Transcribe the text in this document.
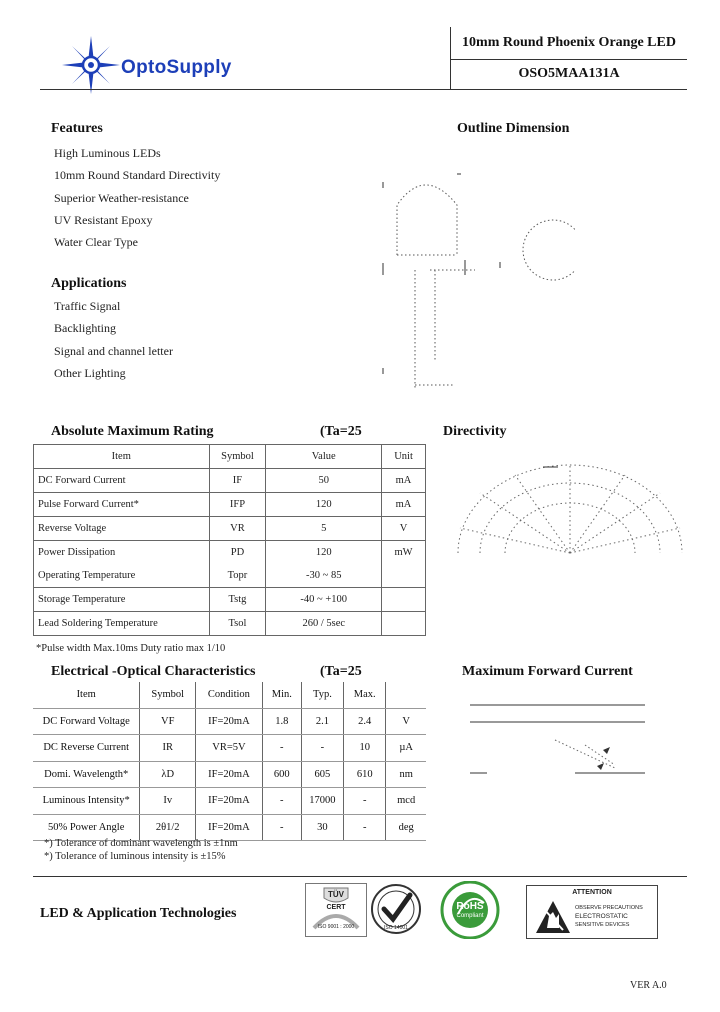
OptoSupply
10mm Round Phoenix Orange LED
OSO5MAA131A
Features
High Luminous LEDs
10mm Round Standard Directivity
Superior Weather-resistance
UV Resistant Epoxy
Water Clear Type
Applications
Traffic Signal
Backlighting
Signal and channel letter
Other Lighting
Outline Dimension
Absolute Maximum Rating	(Ta=25
Item	Symbol	Value	Unit
DC Forward Current	IF	50	mA
Pulse Forward Current*	IFP	120	mA
Reverse Voltage	VR	5	V
Power Dissipation	PD	120	mW
Operating Temperature	Topr	-30 ~ 85	
Storage Temperature	Tstg	-40 ~ +100	
Lead Soldering Temperature	Tsol	260 / 5sec	
*Pulse width Max.10ms Duty ratio max 1/10
Directivity
Electrical -Optical Characteristics	(Ta=25
Item	Symbol	Condition	Min.	Typ.	Max.	
DC Forward Voltage	VF	IF=20mA	1.8	2.1	2.4	V
DC Reverse Current	IR	VR=5V	-	-	10	µA
Domi. Wavelength*	λD	IF=20mA	600	605	610	nm
Luminous Intensity*	Iv	IF=20mA	-	17000	-	mcd
50% Power Angle	2θ1/2	IF=20mA	-	30	-	deg
*) Tolerance of dominant wavelength is ±1nm
*) Tolerance of luminous intensity is ±15%
Maximum Forward Current
LED & Application Technologies
TÜV
CERT
ISO 9001 : 2000	ISO 14001
RoHS
Compliant
ATTENTION
OBSERVE PRECAUTIONS
ELECTROSTATIC
SENSITIVE DEVICES
VER A.0
